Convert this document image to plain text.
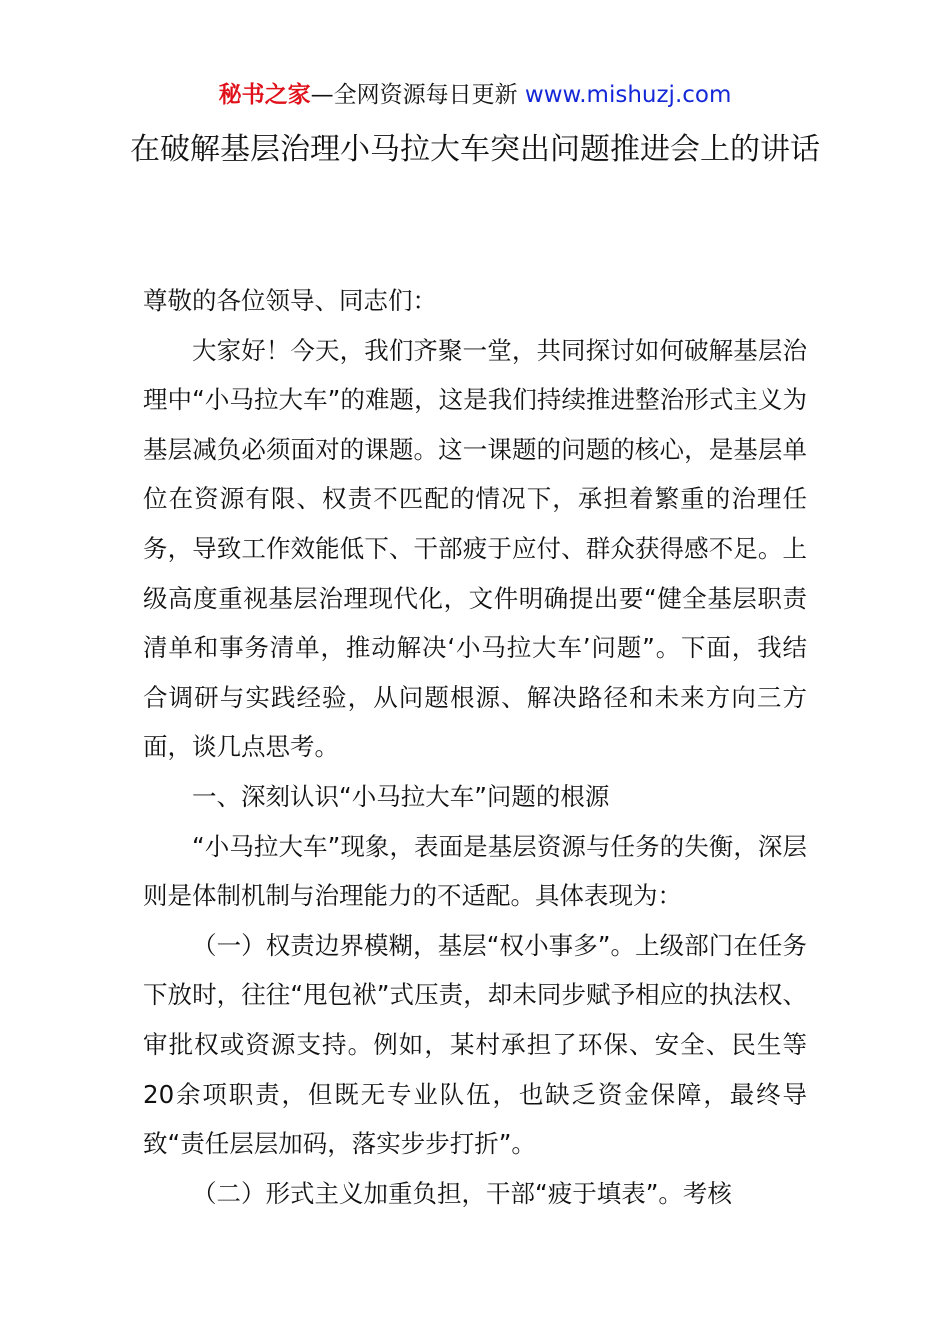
秘书之家—全网资源每日更新 www.mishuzj.com
在破解基层治理小马拉大车突出问题推进会上的讲话

尊敬的各位领导、同志们：

大家好！今天，我们齐聚一堂，共同探讨如何破解基层治理中“小马拉大车”的难题，这是我们持续推进整治形式主义为基层减负必须面对的课题。这一课题的问题的核心，是基层单位在资源有限、权责不匹配的情况下，承担着繁重的治理任务，导致工作效能低下、干部疲于应付、群众获得感不足。上级高度重视基层治理现代化，文件明确提出要“健全基层职责清单和事务清单，推动解决‘小马拉大车’问题”。下面，我结合调研与实践经验，从问题根源、解决路径和未来方向三方面，谈几点思考。

一、深刻认识“小马拉大车”问题的根源

“小马拉大车”现象，表面是基层资源与任务的失衡，深层则是体制机制与治理能力的不适配。具体表现为：

（一）权责边界模糊，基层“权小事多”。上级部门在任务下放时，往往“甩包袱”式压责，却未同步赋予相应的执法权、审批权或资源支持。例如，某村承担了环保、安全、民生等20余项职责，但既无专业队伍，也缺乏资金保障，最终导致“责任层层加码，落实步步打折”。

（二）形式主义加重负担，干部“疲于填表”。考核
